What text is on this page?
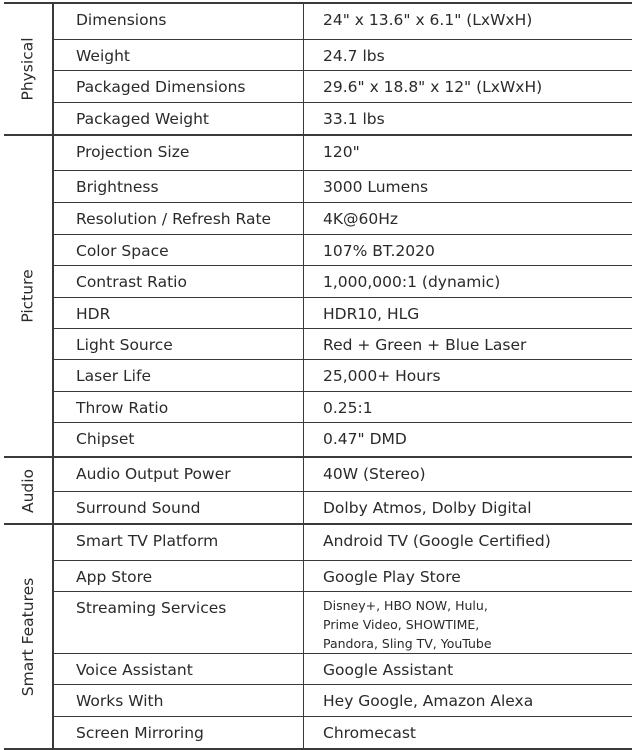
Physical
Dimensions	24" x 13.6" x 6.1" (LxWxH)
Weight	24.7 lbs
Packaged Dimensions	29.6" x 18.8" x 12" (LxWxH)
Packaged Weight	33.1 lbs
Picture
Projection Size	120"
Brightness	3000 Lumens
Resolution / Refresh Rate	4K@60Hz
Color Space	107% BT.2020
Contrast Ratio	1,000,000:1 (dynamic)
HDR	HDR10, HLG
Light Source	Red + Green + Blue Laser
Laser Life	25,000+ Hours
Throw Ratio	0.25:1
Chipset	0.47" DMD
Audio	Audio Output Power	40W (Stereo)
Surround Sound	Dolby Atmos, Dolby Digital
Smart Features
Smart TV Platform	Android TV (Google Certified)
App Store	Google Play Store
Streaming Services	Disney+, HBO NOW, Hulu,
Prime Video, SHOWTIME,
Pandora, Sling TV, YouTube
Voice Assistant	Google Assistant
Works With	Hey Google, Amazon Alexa
Screen Mirroring	Chromecast
